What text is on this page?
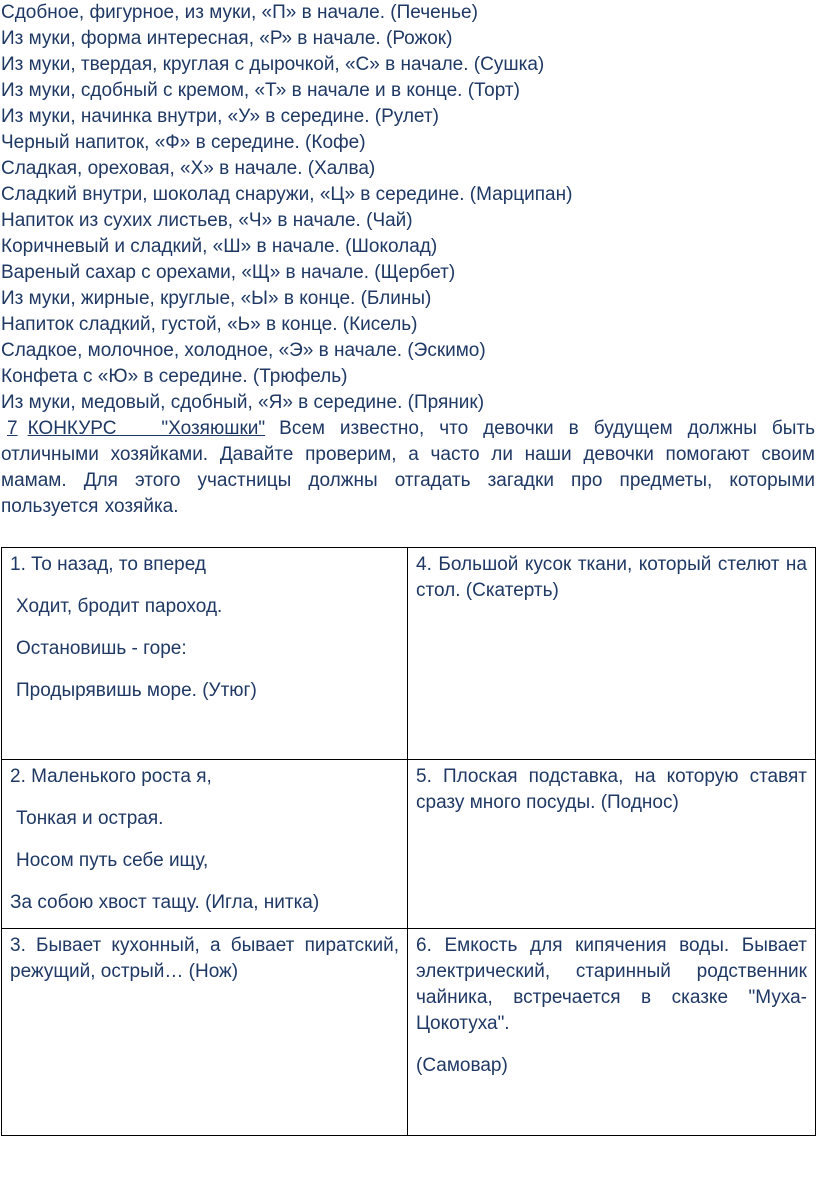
Сдобное, фигурное, из муки, «П» в начале. (Печенье)

Из муки, форма интересная, «Р» в начале. (Рожок)

Из муки, твердая, круглая с дырочкой, «С» в начале. (Сушка)

Из муки, сдобный с кремом, «Т» в начале и в конце. (Торт)

Из муки, начинка внутри, «У» в середине. (Рулет)

Черный напиток, «Ф» в середине. (Кофе)

Сладкая, ореховая, «Х» в начале. (Халва)

Сладкий внутри, шоколад снаружи, «Ц» в середине. (Марципан)

Напиток из сухих листьев, «Ч» в начале. (Чай)

Коричневый и сладкий, «Ш» в начале. (Шоколад)

Вареный сахар с орехами, «Щ» в начале. (Щербет)

Из муки, жирные, круглые, «Ы» в конце. (Блины)

Напиток сладкий, густой, «Ь» в конце. (Кисель)

Сладкое, молочное, холодное, «Э» в начале. (Эскимо)

Конфета с «Ю» в середине. (Трюфель)

Из муки, медовый, сдобный, «Я» в середине. (Пряник)

7 КОНКУРС   "Хозяюшки" Всем известно, что девочки в будущем должны быть отличными хозяйками. Давайте проверим, а часто ли наши девочки помогают своим мамам. Для этого участницы должны отгадать загадки про предметы, которыми пользуется хозяйка.

1. То назад, то вперед

Ходит, бродит пароход.

Остановишь - горе:

Продырявишь море. (Утюг)	4. Большой кусок ткани, который стелют на стол. (Скатерть)

2. Маленького роста я,

Тонкая и острая.

Носом путь себе ищу,

За собою хвост тащу. (Игла, нитка)	5. Плоская подставка, на которую ставят сразу много посуды. (Поднос)

3. Бывает кухонный, а бывает пиратский, режущий, острый… (Нож)	6. Емкость для кипячения воды. Бывает электрический, старинный родственник чайника, встречается в сказке "Муха-Цокотуха".

(Самовар)
